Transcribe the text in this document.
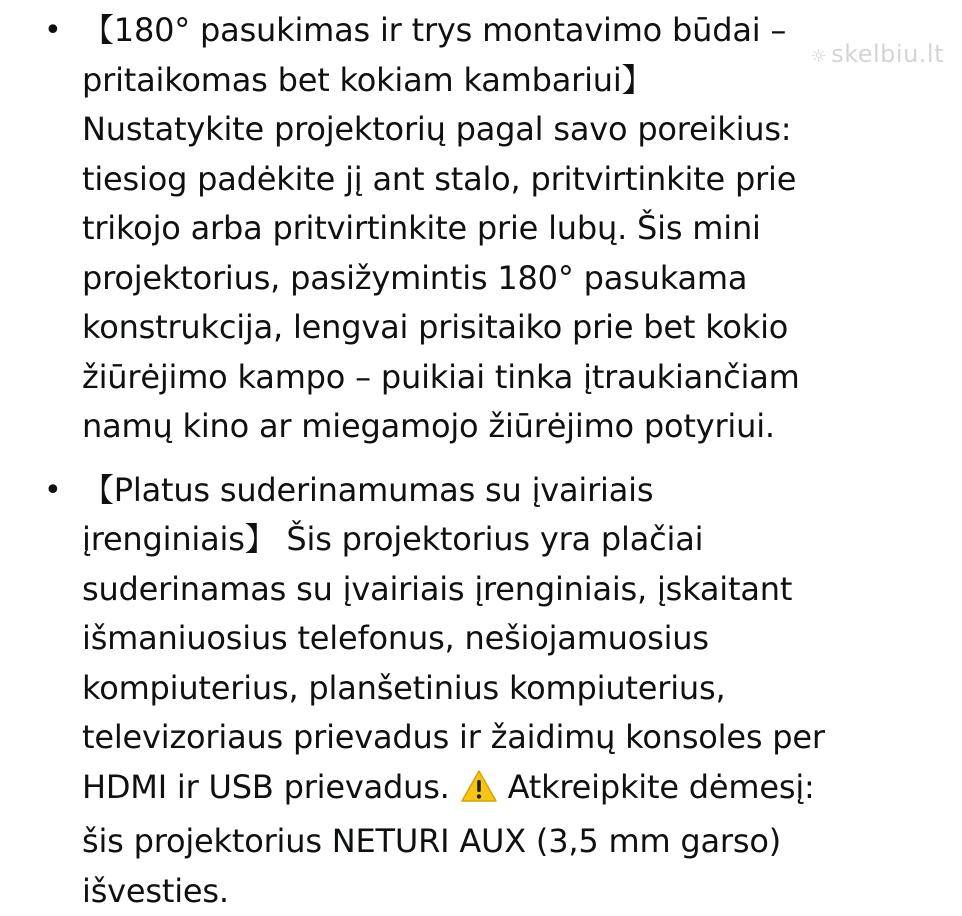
☼ skelbiu.lt
• 【180° pasukimas ir trys montavimo būdai –
pritaikomas bet kokiam kambariui】
Nustatykite projektorių pagal savo poreikius:
tiesiog padėkite jį ant stalo, pritvirtinkite prie
trikojo arba pritvirtinkite prie lubų. Šis mini
projektorius, pasižymintis 180° pasukama
konstrukcija, lengvai prisitaiko prie bet kokio
žiūrėjimo kampo – puikiai tinka įtraukiančiam
namų kino ar miegamojo žiūrėjimo potyriui.
• 【Platus suderinamumas su įvairiais
įrenginiais】 Šis projektorius yra plačiai
suderinamas su įvairiais įrenginiais, įskaitant
išmaniuosius telefonus, nešiojamuosius
kompiuterius, planšetinius kompiuterius,
televizoriaus prievadus ir žaidimų konsoles per
HDMI ir USB prievadus. Atkreipkite dėmesį:
šis projektorius NETURI AUX (3,5 mm garso)
išvesties.
